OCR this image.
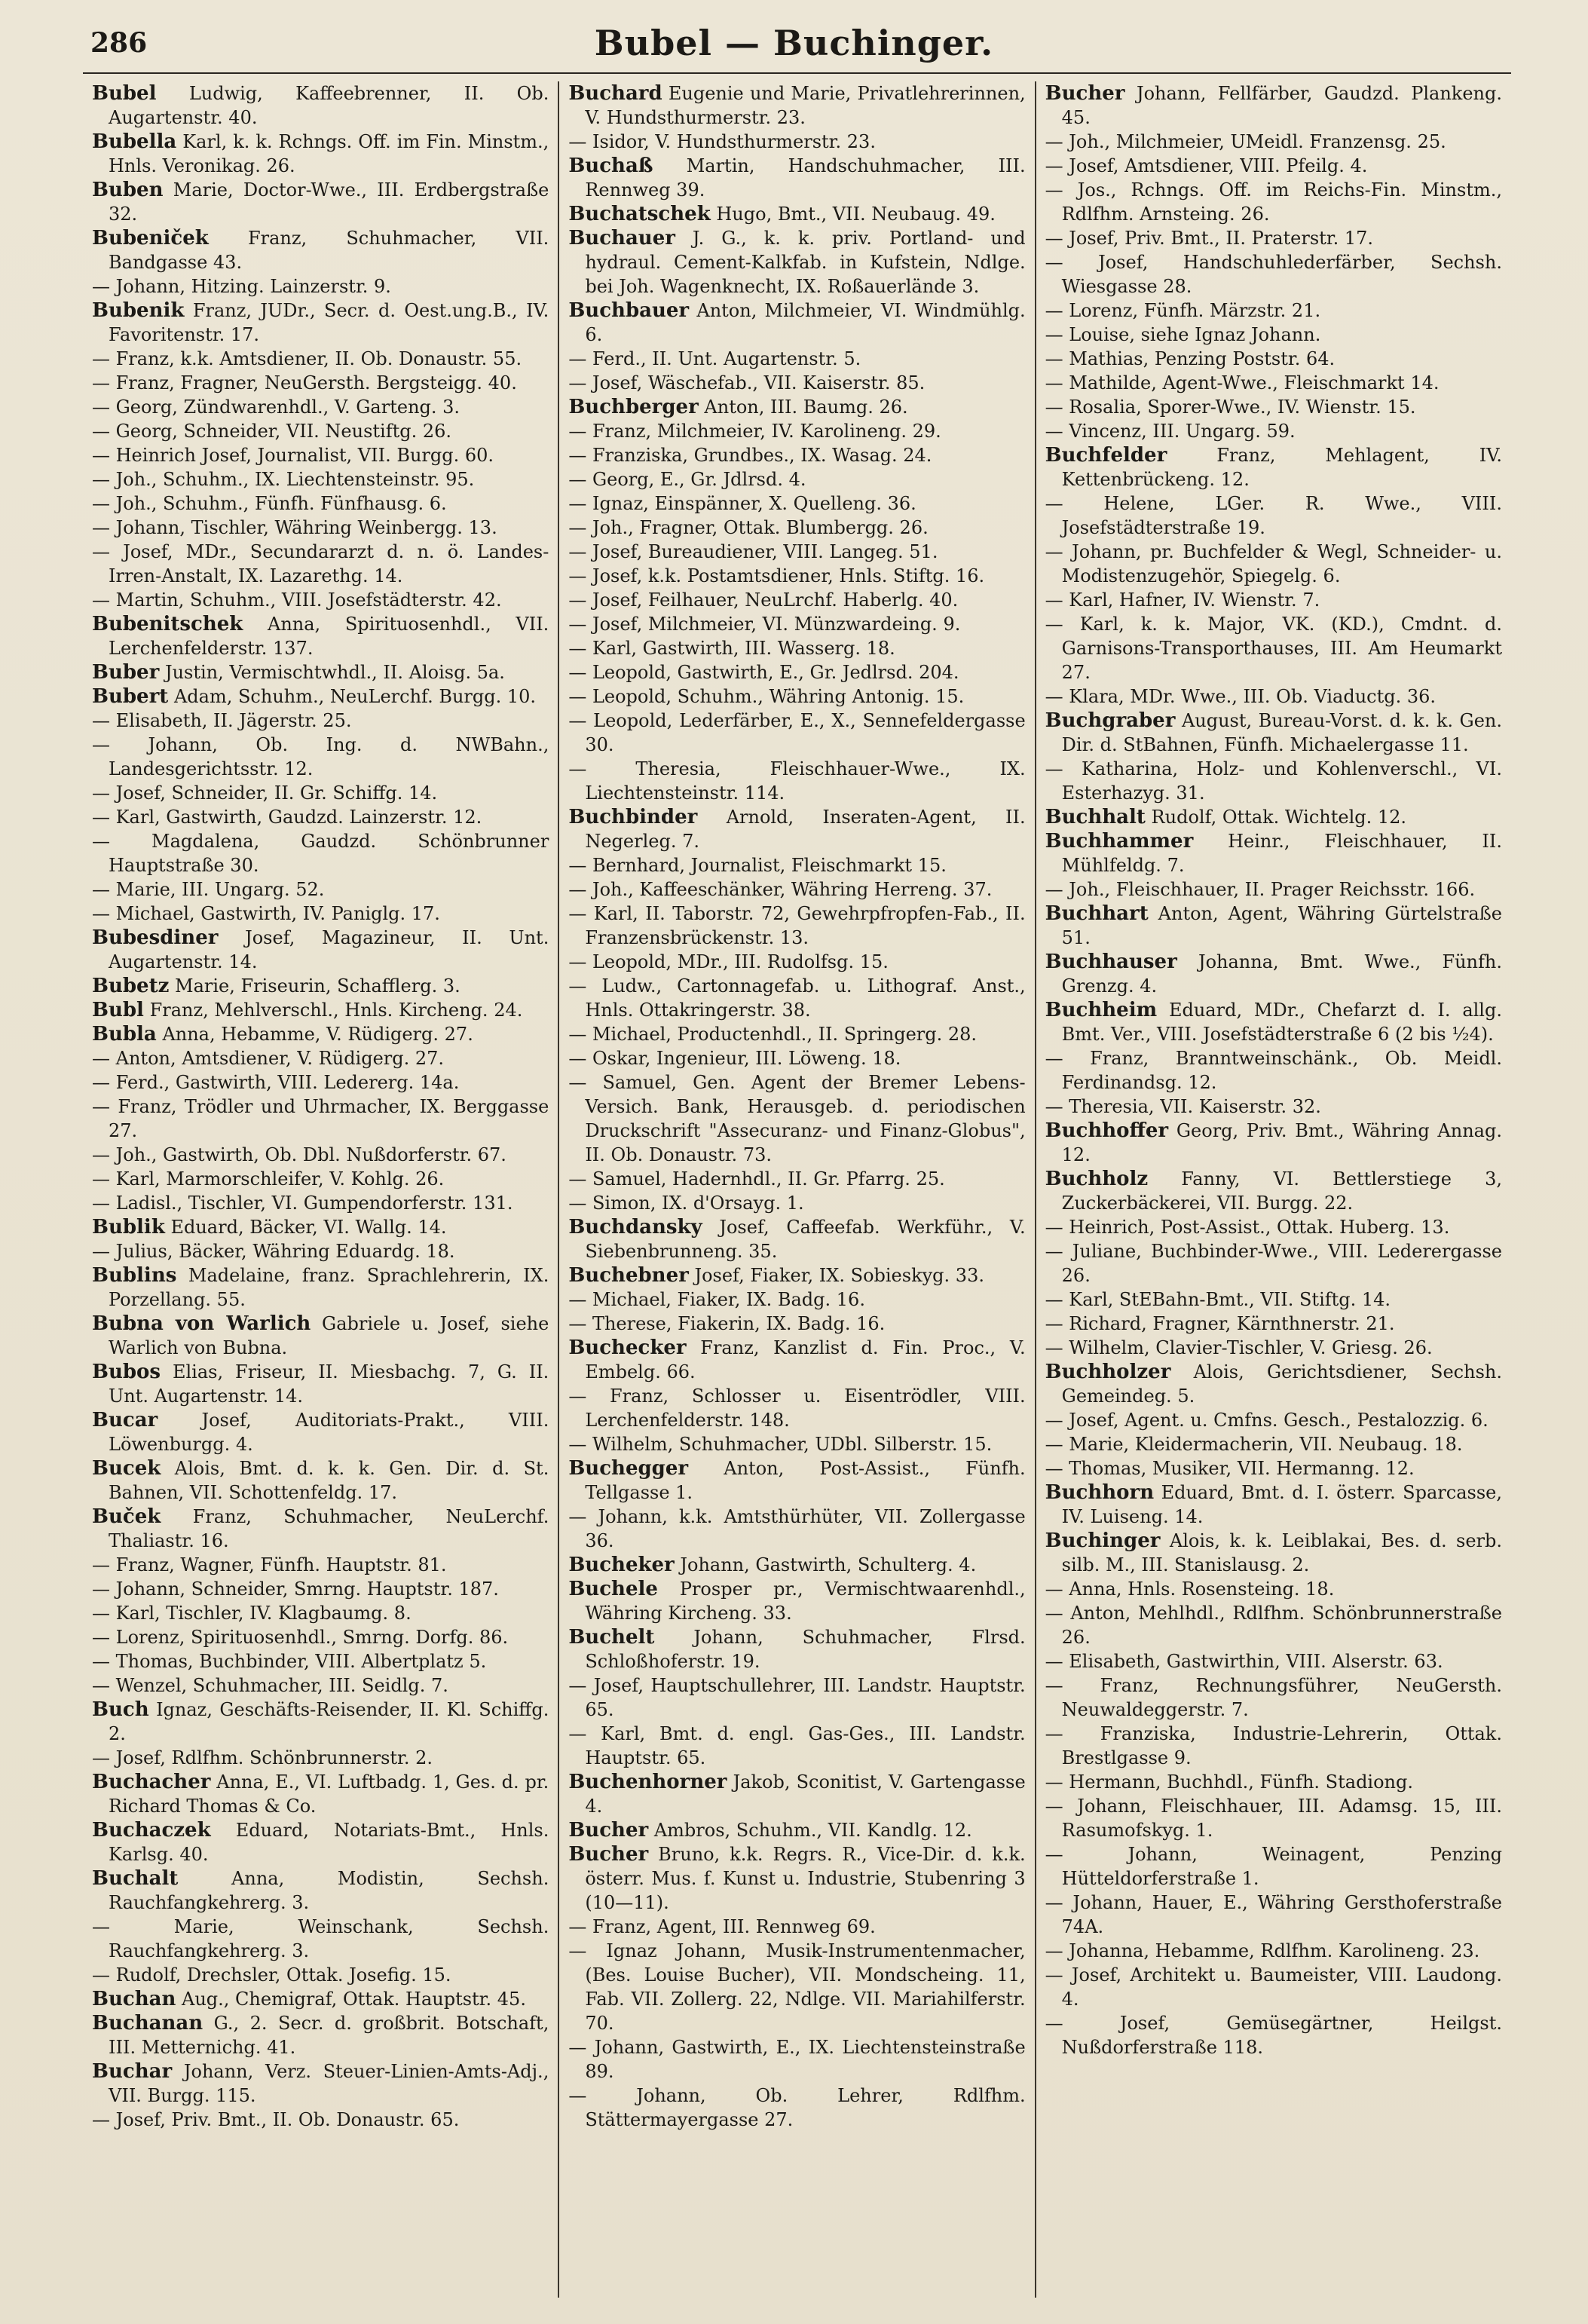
286	Bubel — Buchinger.
Bubel Ludwig, Kaffeebrenner, II. Ob. Augartenstr. 40.
Bubella Karl, k. k. Rchngs. Off. im Fin. Minstm., Hnls. Veronikag. 26.
Buben Marie, Doctor-Wwe., III. Erdbergstraße 32.
Bubeniček Franz, Schuhmacher, VII. Bandgasse 43.
— Johann, Hitzing. Lainzerstr. 9.
Bubenik Franz, JUDr., Secr. d. Oest.ung.B., IV. Favoritenstr. 17.
— Franz, k.k. Amtsdiener, II. Ob. Donaustr. 55.
— Franz, Fragner, NeuGersth. Bergsteigg. 40.
— Georg, Zündwarenhdl., V. Garteng. 3.
— Georg, Schneider, VII. Neustiftg. 26.
— Heinrich Josef, Journalist, VII. Burgg. 60.
— Joh., Schuhm., IX. Liechtensteinstr. 95.
— Joh., Schuhm., Fünfh. Fünfhausg. 6.
— Johann, Tischler, Währing Weinbergg. 13.
— Josef, MDr., Secundararzt d. n. ö. Landes-Irren-Anstalt, IX. Lazarethg. 14.
— Martin, Schuhm., VIII. Josefstädterstr. 42.
Bubenitschek Anna, Spirituosenhdl., VII. Lerchenfelderstr. 137.
Buber Justin, Vermischtwhdl., II. Aloisg. 5a.
Bubert Adam, Schuhm., NeuLerchf. Burgg. 10.
— Elisabeth, II. Jägerstr. 25.
— Johann, Ob. Ing. d. NWBahn., Landesgerichtsstr. 12.
— Josef, Schneider, II. Gr. Schiffg. 14.
— Karl, Gastwirth, Gaudzd. Lainzerstr. 12.
— Magdalena, Gaudzd. Schönbrunner Hauptstraße 30.
— Marie, III. Ungarg. 52.
— Michael, Gastwirth, IV. Paniglg. 17.
Bubesdiner Josef, Magazineur, II. Unt. Augartenstr. 14.
Bubetz Marie, Friseurin, Schafflerg. 3.
Bubl Franz, Mehlverschl., Hnls. Kircheng. 24.
Bubla Anna, Hebamme, V. Rüdigerg. 27.
— Anton, Amtsdiener, V. Rüdigerg. 27.
— Ferd., Gastwirth, VIII. Ledererg. 14a.
— Franz, Trödler und Uhrmacher, IX. Berggasse 27.
— Joh., Gastwirth, Ob. Dbl. Nußdorferstr. 67.
— Karl, Marmorschleifer, V. Kohlg. 26.
— Ladisl., Tischler, VI. Gumpendorferstr. 131.
Bublik Eduard, Bäcker, VI. Wallg. 14.
— Julius, Bäcker, Währing Eduardg. 18.
Bublins Madelaine, franz. Sprachlehrerin, IX. Porzellang. 55.
Bubna von Warlich Gabriele u. Josef, siehe Warlich von Bubna.
Bubos Elias, Friseur, II. Miesbachg. 7, G. II. Unt. Augartenstr. 14.
Bucar Josef, Auditoriats-Prakt., VIII. Löwenburgg. 4.
Bucek Alois, Bmt. d. k. k. Gen. Dir. d. St. Bahnen, VII. Schottenfeldg. 17.
Buček Franz, Schuhmacher, NeuLerchf. Thaliastr. 16.
— Franz, Wagner, Fünfh. Hauptstr. 81.
— Johann, Schneider, Smrng. Hauptstr. 187.
— Karl, Tischler, IV. Klagbaumg. 8.
— Lorenz, Spirituosenhdl., Smrng. Dorfg. 86.
— Thomas, Buchbinder, VIII. Albertplatz 5.
— Wenzel, Schuhmacher, III. Seidlg. 7.
Buch Ignaz, Geschäfts-Reisender, II. Kl. Schiffg. 2.
— Josef, Rdlfhm. Schönbrunnerstr. 2.
Buchacher Anna, E., VI. Luftbadg. 1, Ges. d. pr. Richard Thomas & Co.
Buchaczek Eduard, Notariats-Bmt., Hnls. Karlsg. 40.
Buchalt	Anna, Modistin, Sechsh. Rauchfangkehrerg. 3.
— Marie, Weinschank, Sechsh. Rauchfangkehrerg. 3.
— Rudolf, Drechsler, Ottak. Josefig. 15.
Buchan Aug., Chemigraf, Ottak. Hauptstr. 45.
Buchanan G., 2. Secr. d. großbrit. Botschaft, III. Metternichg. 41.
Buchar Johann, Verz. Steuer-Linien-Amts-Adj., VII. Burgg. 115.
— Josef, Priv. Bmt., II. Ob. Donaustr. 65.
Buchard Eugenie und Marie, Privatlehrerinnen, V. Hundsthurmerstr. 23.
— Isidor, V. Hundsthurmerstr. 23.
Buchaß Martin, Handschuhmacher, III. Rennweg 39.
Buchatschek Hugo, Bmt., VII. Neubaug. 49.
Buchauer J. G., k. k. priv. Portland- und hydraul. Cement-Kalkfab. in Kufstein, Ndlge. bei Joh. Wagenknecht, IX. Roßauerlände 3.
Buchbauer Anton, Milchmeier, VI. Windmühlg. 6.
— Ferd., II. Unt. Augartenstr. 5.
— Josef, Wäschefab., VII. Kaiserstr. 85.
Buchberger Anton, III. Baumg. 26.
— Franz, Milchmeier, IV. Karolineng. 29.
— Franziska, Grundbes., IX. Wasag. 24.
— Georg, E., Gr. Jdlrsd. 4.
— Ignaz, Einspänner, X. Quelleng. 36.
— Joh., Fragner, Ottak. Blumbergg. 26.
— Josef, Bureaudiener, VIII. Langeg. 51.
— Josef, k.k. Postamtsdiener, Hnls. Stiftg. 16.
— Josef, Feilhauer, NeuLrchf. Haberlg. 40.
— Josef, Milchmeier, VI. Münzwardeing. 9.
— Karl, Gastwirth, III. Wasserg. 18.
— Leopold, Gastwirth, E., Gr. Jedlrsd. 204.
— Leopold, Schuhm., Währing Antonig. 15.
— Leopold, Lederfärber, E., X., Sennefeldergasse 30.
— Theresia, Fleischhauer-Wwe., IX. Liechtensteinstr. 114.
Buchbinder Arnold, Inseraten-Agent, II. Negerleg. 7.
— Bernhard, Journalist, Fleischmarkt 15.
— Joh., Kaffeeschänker, Währing Herreng. 37.
— Karl, II. Taborstr. 72, Gewehrpfropfen-Fab., II. Franzensbrückenstr. 13.
— Leopold, MDr., III. Rudolfsg. 15.
— Ludw., Cartonnagefab. u. Lithograf. Anst., Hnls. Ottakringerstr. 38.
— Michael, Productenhdl., II. Springerg. 28.
— Oskar, Ingenieur, III. Löweng. 18.
— Samuel, Gen. Agent der Bremer Lebens-Versich. Bank, Herausgeb. d. periodischen Druckschrift "Assecuranz- und Finanz-Globus", II. Ob. Donaustr. 73.
— Samuel, Hadernhdl., II. Gr. Pfarrg. 25.
— Simon, IX. d'Orsayg. 1.
Buchdansky Josef, Caffeefab. Werkführ., V. Siebenbrunneng. 35.
Buchebner Josef, Fiaker, IX. Sobieskyg. 33.
— Michael, Fiaker, IX. Badg. 16.
— Therese, Fiakerin, IX. Badg. 16.
Buchecker Franz, Kanzlist d. Fin. Proc., V. Embelg. 66.
— Franz, Schlosser u. Eisentrödler, VIII. Lerchenfelderstr. 148.
— Wilhelm, Schuhmacher, UDbl. Silberstr. 15.
Buchegger Anton, Post-Assist., Fünfh. Tellgasse 1.
— Johann, k.k. Amtsthürhüter, VII. Zollergasse 36.
Bucheker Johann, Gastwirth, Schulterg. 4.
Buchele Prosper pr., Vermischtwaarenhdl., Währing Kircheng. 33.
Buchelt Johann, Schuhmacher, Flrsd. Schloßhoferstr. 19.
— Josef, Hauptschullehrer, III. Landstr. Hauptstr. 65.
— Karl, Bmt. d. engl. Gas-Ges., III. Landstr. Hauptstr. 65.
Buchenhorner Jakob, Sconitist, V. Gartengasse 4.
Bucher Ambros, Schuhm., VII. Kandlg. 12.
Bucher Bruno, k.k. Regrs. R., Vice-Dir. d. k.k. österr. Mus. f. Kunst u. Industrie, Stubenring 3 (10—11).
— Franz, Agent, III. Rennweg 69.
— Ignaz Johann, Musik-Instrumentenmacher, (Bes. Louise Bucher), VII. Mondscheing. 11, Fab. VII. Zollerg. 22, Ndlge. VII. Mariahilferstr. 70.
— Johann, Gastwirth, E., IX. Liechtensteinstraße 89.
— Johann, Ob. Lehrer, Rdlfhm. Stättermayergasse 27.
Bucher Johann, Fellfärber, Gaudzd. Plankeng. 45.
— Joh., Milchmeier, UMeidl. Franzensg. 25.
— Josef, Amtsdiener, VIII. Pfeilg. 4.
— Jos., Rchngs. Off. im Reichs-Fin. Minstm., Rdlfhm. Arnsteing. 26.
— Josef, Priv. Bmt., II. Praterstr. 17.
— Josef, Handschuhlederfärber, Sechsh. Wiesgasse 28.
— Lorenz, Fünfh. Märzstr. 21.
— Louise, siehe Ignaz Johann.
— Mathias, Penzing Poststr. 64.
— Mathilde, Agent-Wwe., Fleischmarkt 14.
— Rosalia, Sporer-Wwe., IV. Wienstr. 15.
— Vincenz, III. Ungarg. 59.
Buchfelder	Franz, Mehlagent, IV. Kettenbrückeng. 12.
— Helene, LGer. R. Wwe., VIII. Josefstädterstraße 19.
— Johann, pr. Buchfelder & Wegl, Schneider- u. Modistenzugehör, Spiegelg. 6.
— Karl, Hafner, IV. Wienstr. 7.
— Karl, k. k. Major, VK. (KD.), Cmdnt. d. Garnisons-Transporthauses, III. Am Heumarkt 27.
— Klara, MDr. Wwe., III. Ob. Viaductg. 36.
Buchgraber August, Bureau-Vorst. d. k. k. Gen. Dir. d. StBahnen, Fünfh. Michaelergasse 11.
— Katharina, Holz- und Kohlenverschl., VI. Esterhazyg. 31.
Buchhalt Rudolf, Ottak. Wichtelg. 12.
Buchhammer Heinr., Fleischhauer, II. Mühlfeldg. 7.
— Joh., Fleischhauer, II. Prager Reichsstr. 166.
Buchhart Anton, Agent, Währing Gürtelstraße 51.
Buchhauser Johanna, Bmt. Wwe., Fünfh. Grenzg. 4.
Buchheim Eduard, MDr., Chefarzt d. I. allg. Bmt. Ver., VIII. Josefstädterstraße 6 (2 bis ½4).
— Franz, Branntweinschänk., Ob. Meidl. Ferdinandsg. 12.
— Theresia, VII. Kaiserstr. 32.
Buchhoffer Georg, Priv. Bmt., Währing Annag. 12.
Buchholz Fanny, VI. Bettlerstiege 3, Zuckerbäckerei, VII. Burgg. 22.
— Heinrich, Post-Assist., Ottak. Huberg. 13.
— Juliane, Buchbinder-Wwe., VIII. Lederergasse 26.
— Karl, StEBahn-Bmt., VII. Stiftg. 14.
— Richard, Fragner, Kärnthnerstr. 21.
— Wilhelm, Clavier-Tischler, V. Griesg. 26.
Buchholzer Alois, Gerichtsdiener, Sechsh. Gemeindeg. 5.
— Josef, Agent. u. Cmfns. Gesch., Pestalozzig. 6.
— Marie, Kleidermacherin, VII. Neubaug. 18.
— Thomas, Musiker, VII. Hermanng. 12.
Buchhorn Eduard, Bmt. d. I. österr. Sparcasse, IV. Luiseng. 14.
Buchinger Alois, k. k. Leiblakai, Bes. d. serb. silb. M., III. Stanislausg. 2.
— Anna, Hnls. Rosensteing. 18.
— Anton, Mehlhdl., Rdlfhm. Schönbrunnerstraße 26.
— Elisabeth, Gastwirthin, VIII. Alserstr. 63.
— Franz, Rechnungsführer, NeuGersth. Neuwaldeggerstr. 7.
— Franziska, Industrie-Lehrerin, Ottak. Brestlgasse 9.
— Hermann, Buchhdl., Fünfh. Stadiong.
— Johann, Fleischhauer, III. Adamsg. 15, III. Rasumofskyg. 1.
— Johann, Weinagent, Penzing Hütteldorferstraße 1.
— Johann, Hauer, E., Währing Gersthoferstraße 74A.
— Johanna, Hebamme, Rdlfhm. Karolineng. 23.
— Josef, Architekt u. Baumeister, VIII. Laudong. 4.
— Josef, Gemüsegärtner, Heilgst. Nußdorferstraße 118.
